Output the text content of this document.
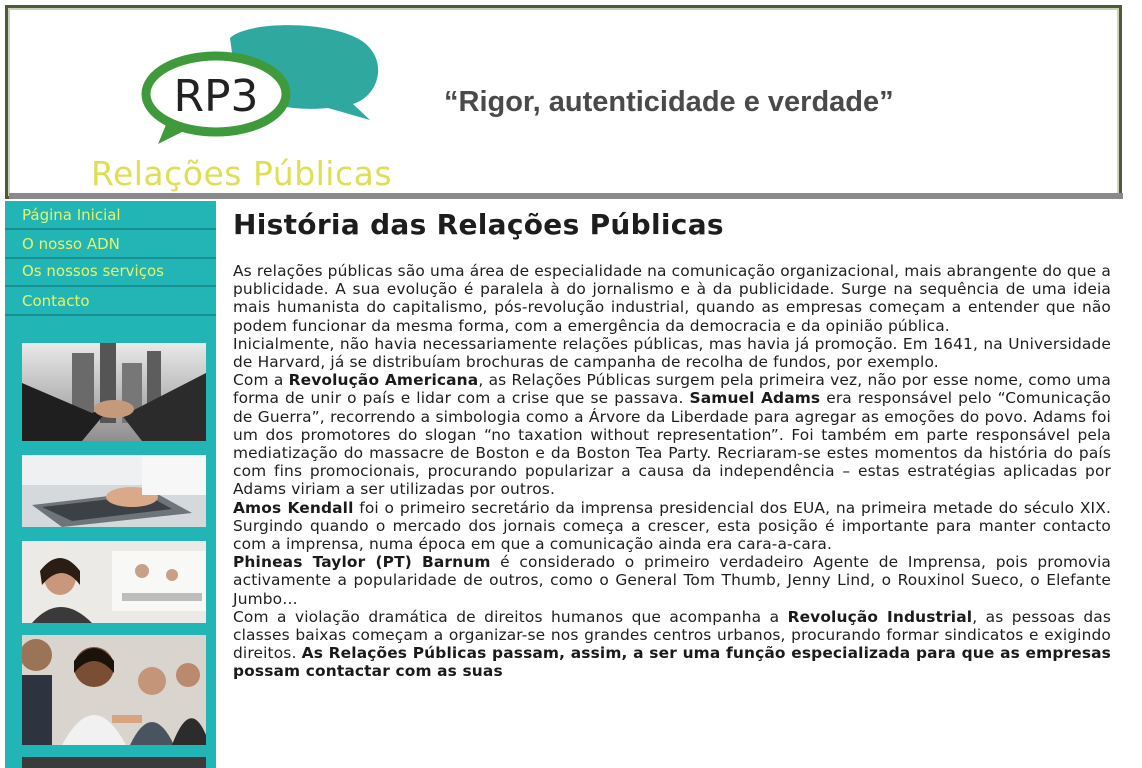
RP3
Relações Públicas
“Rigor, autenticidade e verdade”
Página Inicial
O nosso ADN
Os nossos serviços
Contacto
História das Relações Públicas

As relações públicas são uma área de especialidade na comunicação organizacional, mais abrangente do que a publicidade. A sua evolução é paralela à do jornalismo e à da publicidade. Surge na sequência de uma ideia mais humanista do capitalismo, pós-revolução industrial, quando as empresas começam a entender que não podem funcionar da mesma forma, com a emergência da democracia e da opinião pública.

Inicialmente, não havia necessariamente relações públicas, mas havia já promoção. Em 1641, na Universidade de Harvard, já se distribuíam brochuras de campanha de recolha de fundos, por exemplo.

Com a Revolução Americana, as Relações Públicas surgem pela primeira vez, não por esse nome, como uma forma de unir o país e lidar com a crise que se passava. Samuel Adams era responsável pelo “Comunicação de Guerra”, recorrendo a simbologia como a Árvore da Liberdade para agregar as emoções do povo. Adams foi um dos promotores do slogan “no taxation without representation”. Foi também em parte responsável pela mediatização do massacre de Boston e da Boston Tea Party. Recriaram-se estes momentos da história do país com fins promocionais, procurando popularizar a causa da independência – estas estratégias aplicadas por Adams viriam a ser utilizadas por outros.

Amos Kendall foi o primeiro secretário da imprensa presidencial dos EUA, na primeira metade do século XIX. Surgindo quando o mercado dos jornais começa a crescer, esta posição é importante para manter contacto com a imprensa, numa época em que a comunicação ainda era cara-a-cara.

Phineas Taylor (PT) Barnum é considerado o primeiro verdadeiro Agente de Imprensa, pois promovia activamente a popularidade de outros, como o General Tom Thumb, Jenny Lind, o Rouxinol Sueco, o Elefante Jumbo…

Com a violação dramática de direitos humanos que acompanha a Revolução Industrial, as pessoas das classes baixas começam a organizar-se nos grandes centros urbanos, procurando formar sindicatos e exigindo direitos. As Relações Públicas passam, assim, a ser uma função especializada para que as empresas possam contactar com as suas
